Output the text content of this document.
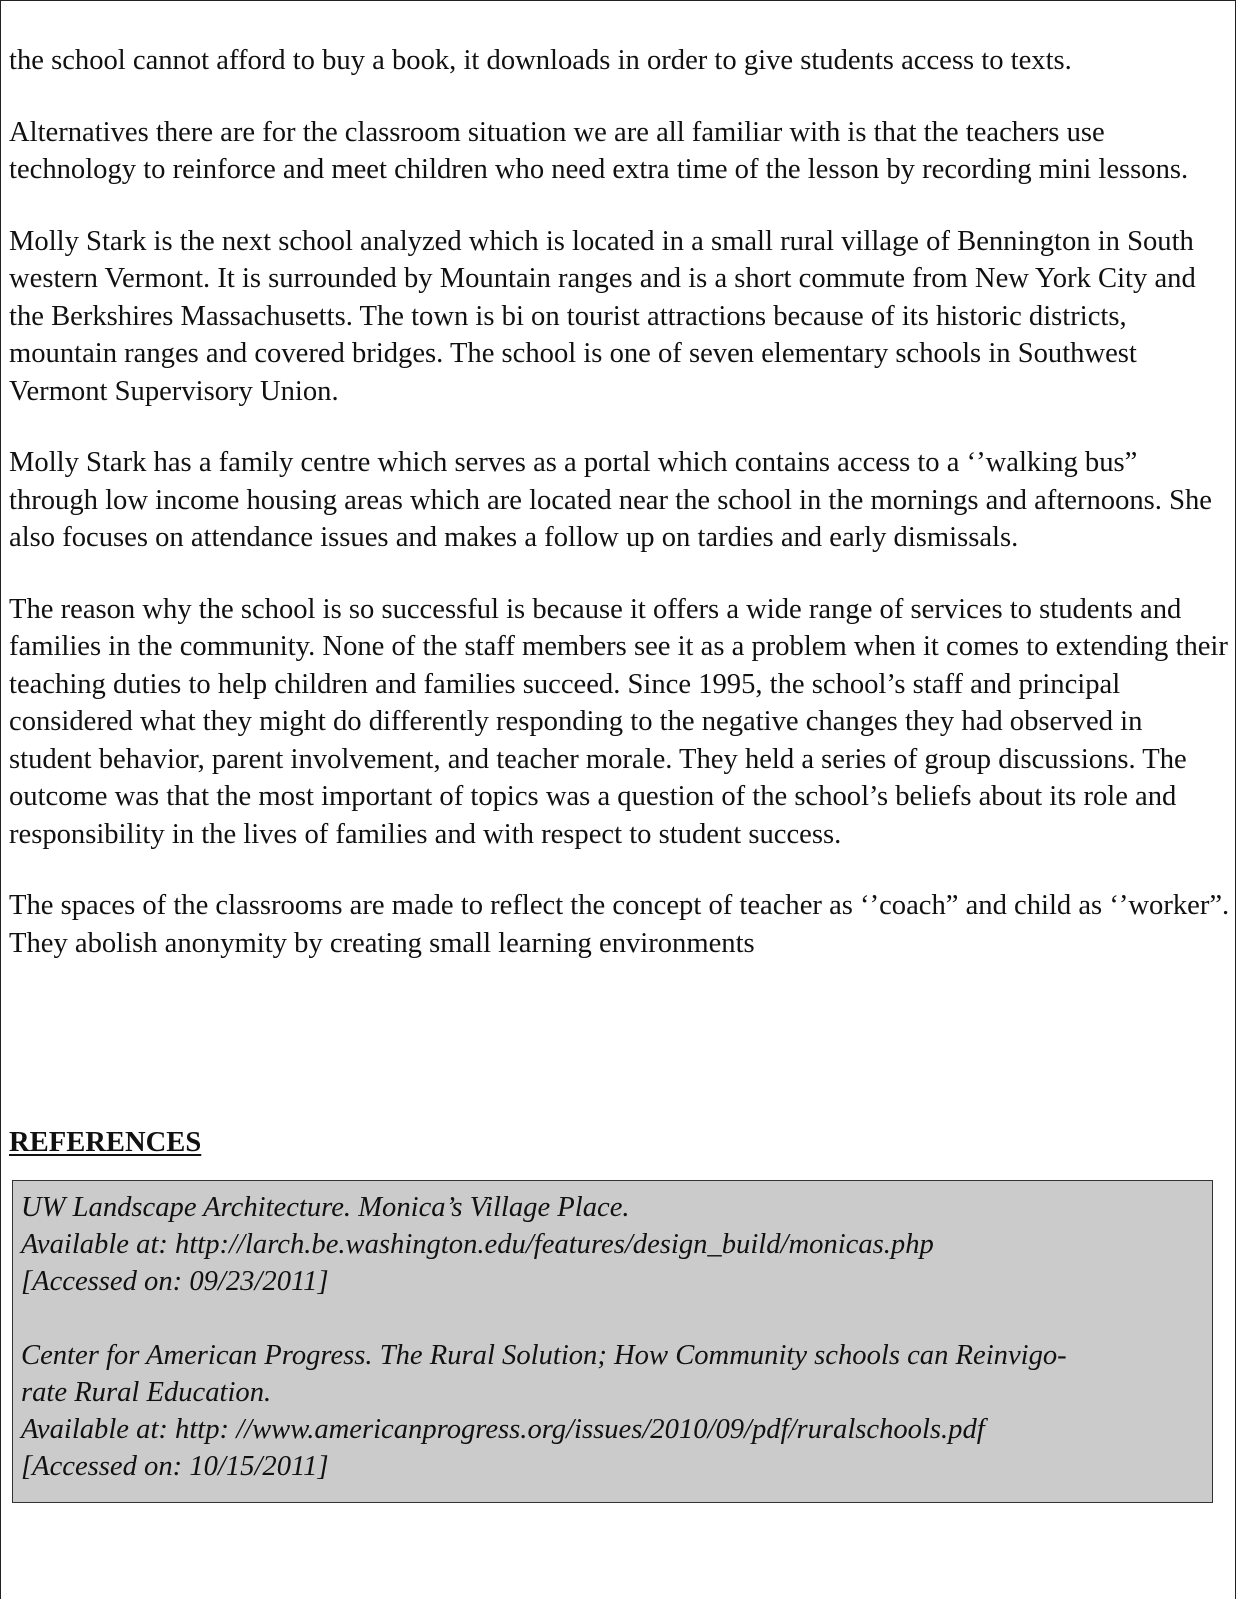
the school cannot afford to buy a book, it downloads in order to give students access to texts.

Alternatives there are for the classroom situation we are all familiar with is that the teachers use technology to reinforce and meet children who need extra time of the lesson by recording mini lessons.

Molly Stark is the next school analyzed which is located in a small rural village of Bennington in South western Vermont. It is surrounded by Mountain ranges and is a short commute from New York City and the Berkshires Massachusetts. The town is bi on tourist attractions because of its historic districts, mountain ranges and covered bridges. The school is one of seven elementary schools in Southwest Vermont Supervisory Union.

Molly Stark has a family centre which serves as a portal which contains access to a ‘’walking bus” through low income housing areas which are located near the school in the mornings and afternoons. She also focuses on attendance issues and makes a follow up on tardies and early dismissals.

The reason why the school is so successful is because it offers a wide range of services to students and families in the community. None of the staff members see it as a problem when it comes to extending their teaching duties to help children and families succeed. Since 1995, the school’s staff and principal considered what they might do differently responding to the negative changes they had observed in student behavior, parent involvement, and teacher morale. They held a series of group discussions. The outcome was that the most important of topics was a question of the school’s beliefs about its role and responsibility in the lives of families and with respect to student success.

The spaces of the classrooms are made to reflect the concept of teacher as ‘’coach” and child as ‘’worker”. They abolish anonymity by creating small learning environments

REFERENCES
UW Landscape Architecture. Monica’s Village Place.
Available at: http://larch.be.washington.edu/features/design_build/monicas.php
[Accessed on: 09/23/2011]
Center for American Progress. The Rural Solution; How Community schools can Reinvigo-
rate Rural Education.
Available at: http: //www.americanprogress.org/issues/2010/09/pdf/ruralschools.pdf
[Accessed on: 10/15/2011]
